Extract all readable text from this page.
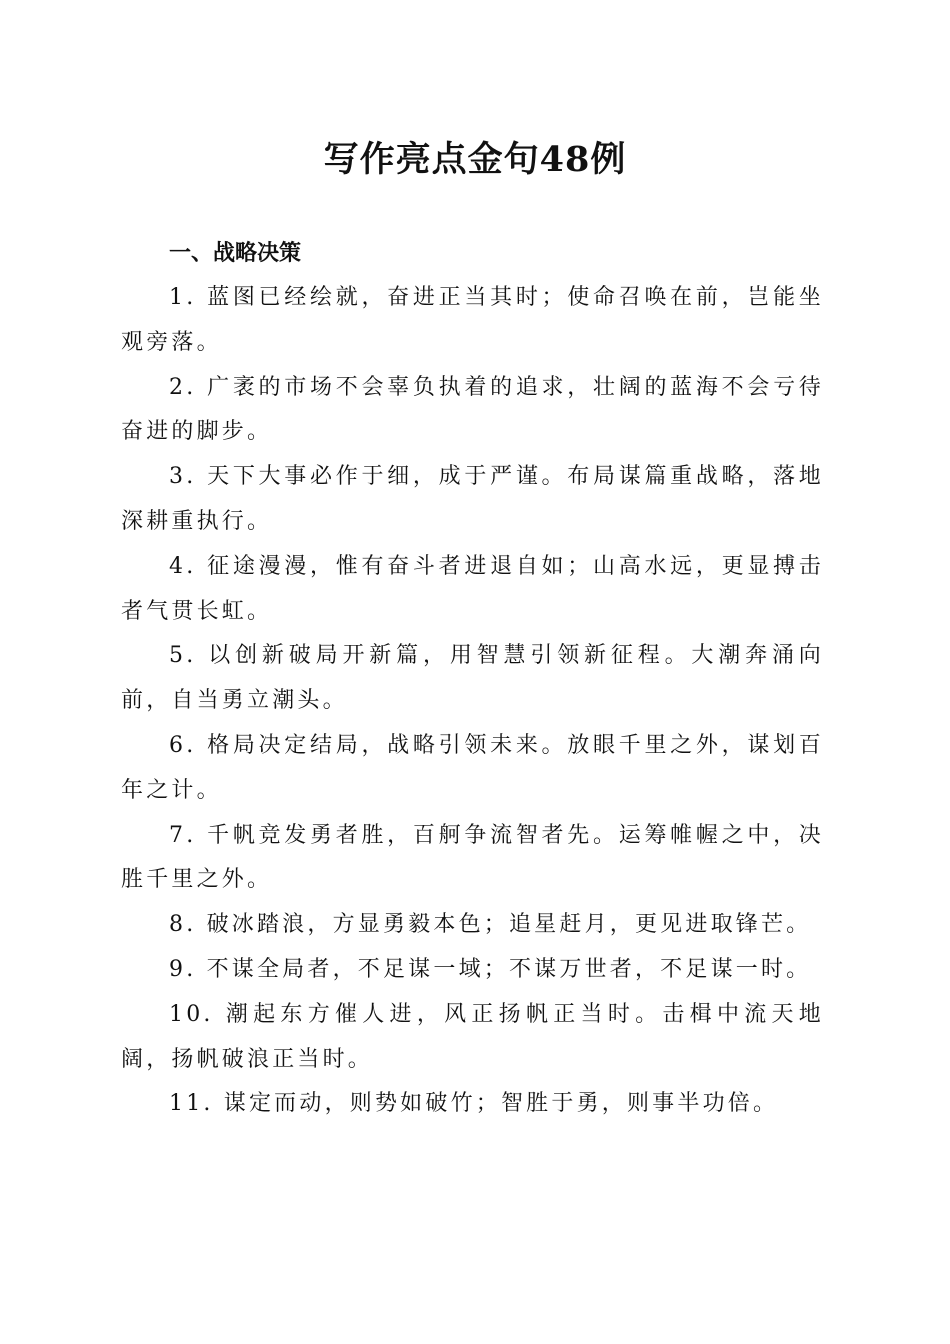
写作亮点金句48例
一、战略决策

1. 蓝图已经绘就，奋进正当其时；使命召唤在前，岂能坐观旁落。

2. 广袤的市场不会辜负执着的追求，壮阔的蓝海不会亏待奋进的脚步。

3. 天下大事必作于细，成于严谨。布局谋篇重战略，落地深耕重执行。

4. 征途漫漫，惟有奋斗者进退自如；山高水远，更显搏击者气贯长虹。

5. 以创新破局开新篇，用智慧引领新征程。大潮奔涌向前，自当勇立潮头。

6. 格局决定结局，战略引领未来。放眼千里之外，谋划百年之计。

7. 千帆竞发勇者胜，百舸争流智者先。运筹帷幄之中，决胜千里之外。

8. 破冰踏浪，方显勇毅本色；追星赶月，更见进取锋芒。

9. 不谋全局者，不足谋一域；不谋万世者，不足谋一时。

10. 潮起东方催人进，风正扬帆正当时。击楫中流天地阔，扬帆破浪正当时。

11. 谋定而动，则势如破竹；智胜于勇，则事半功倍。
